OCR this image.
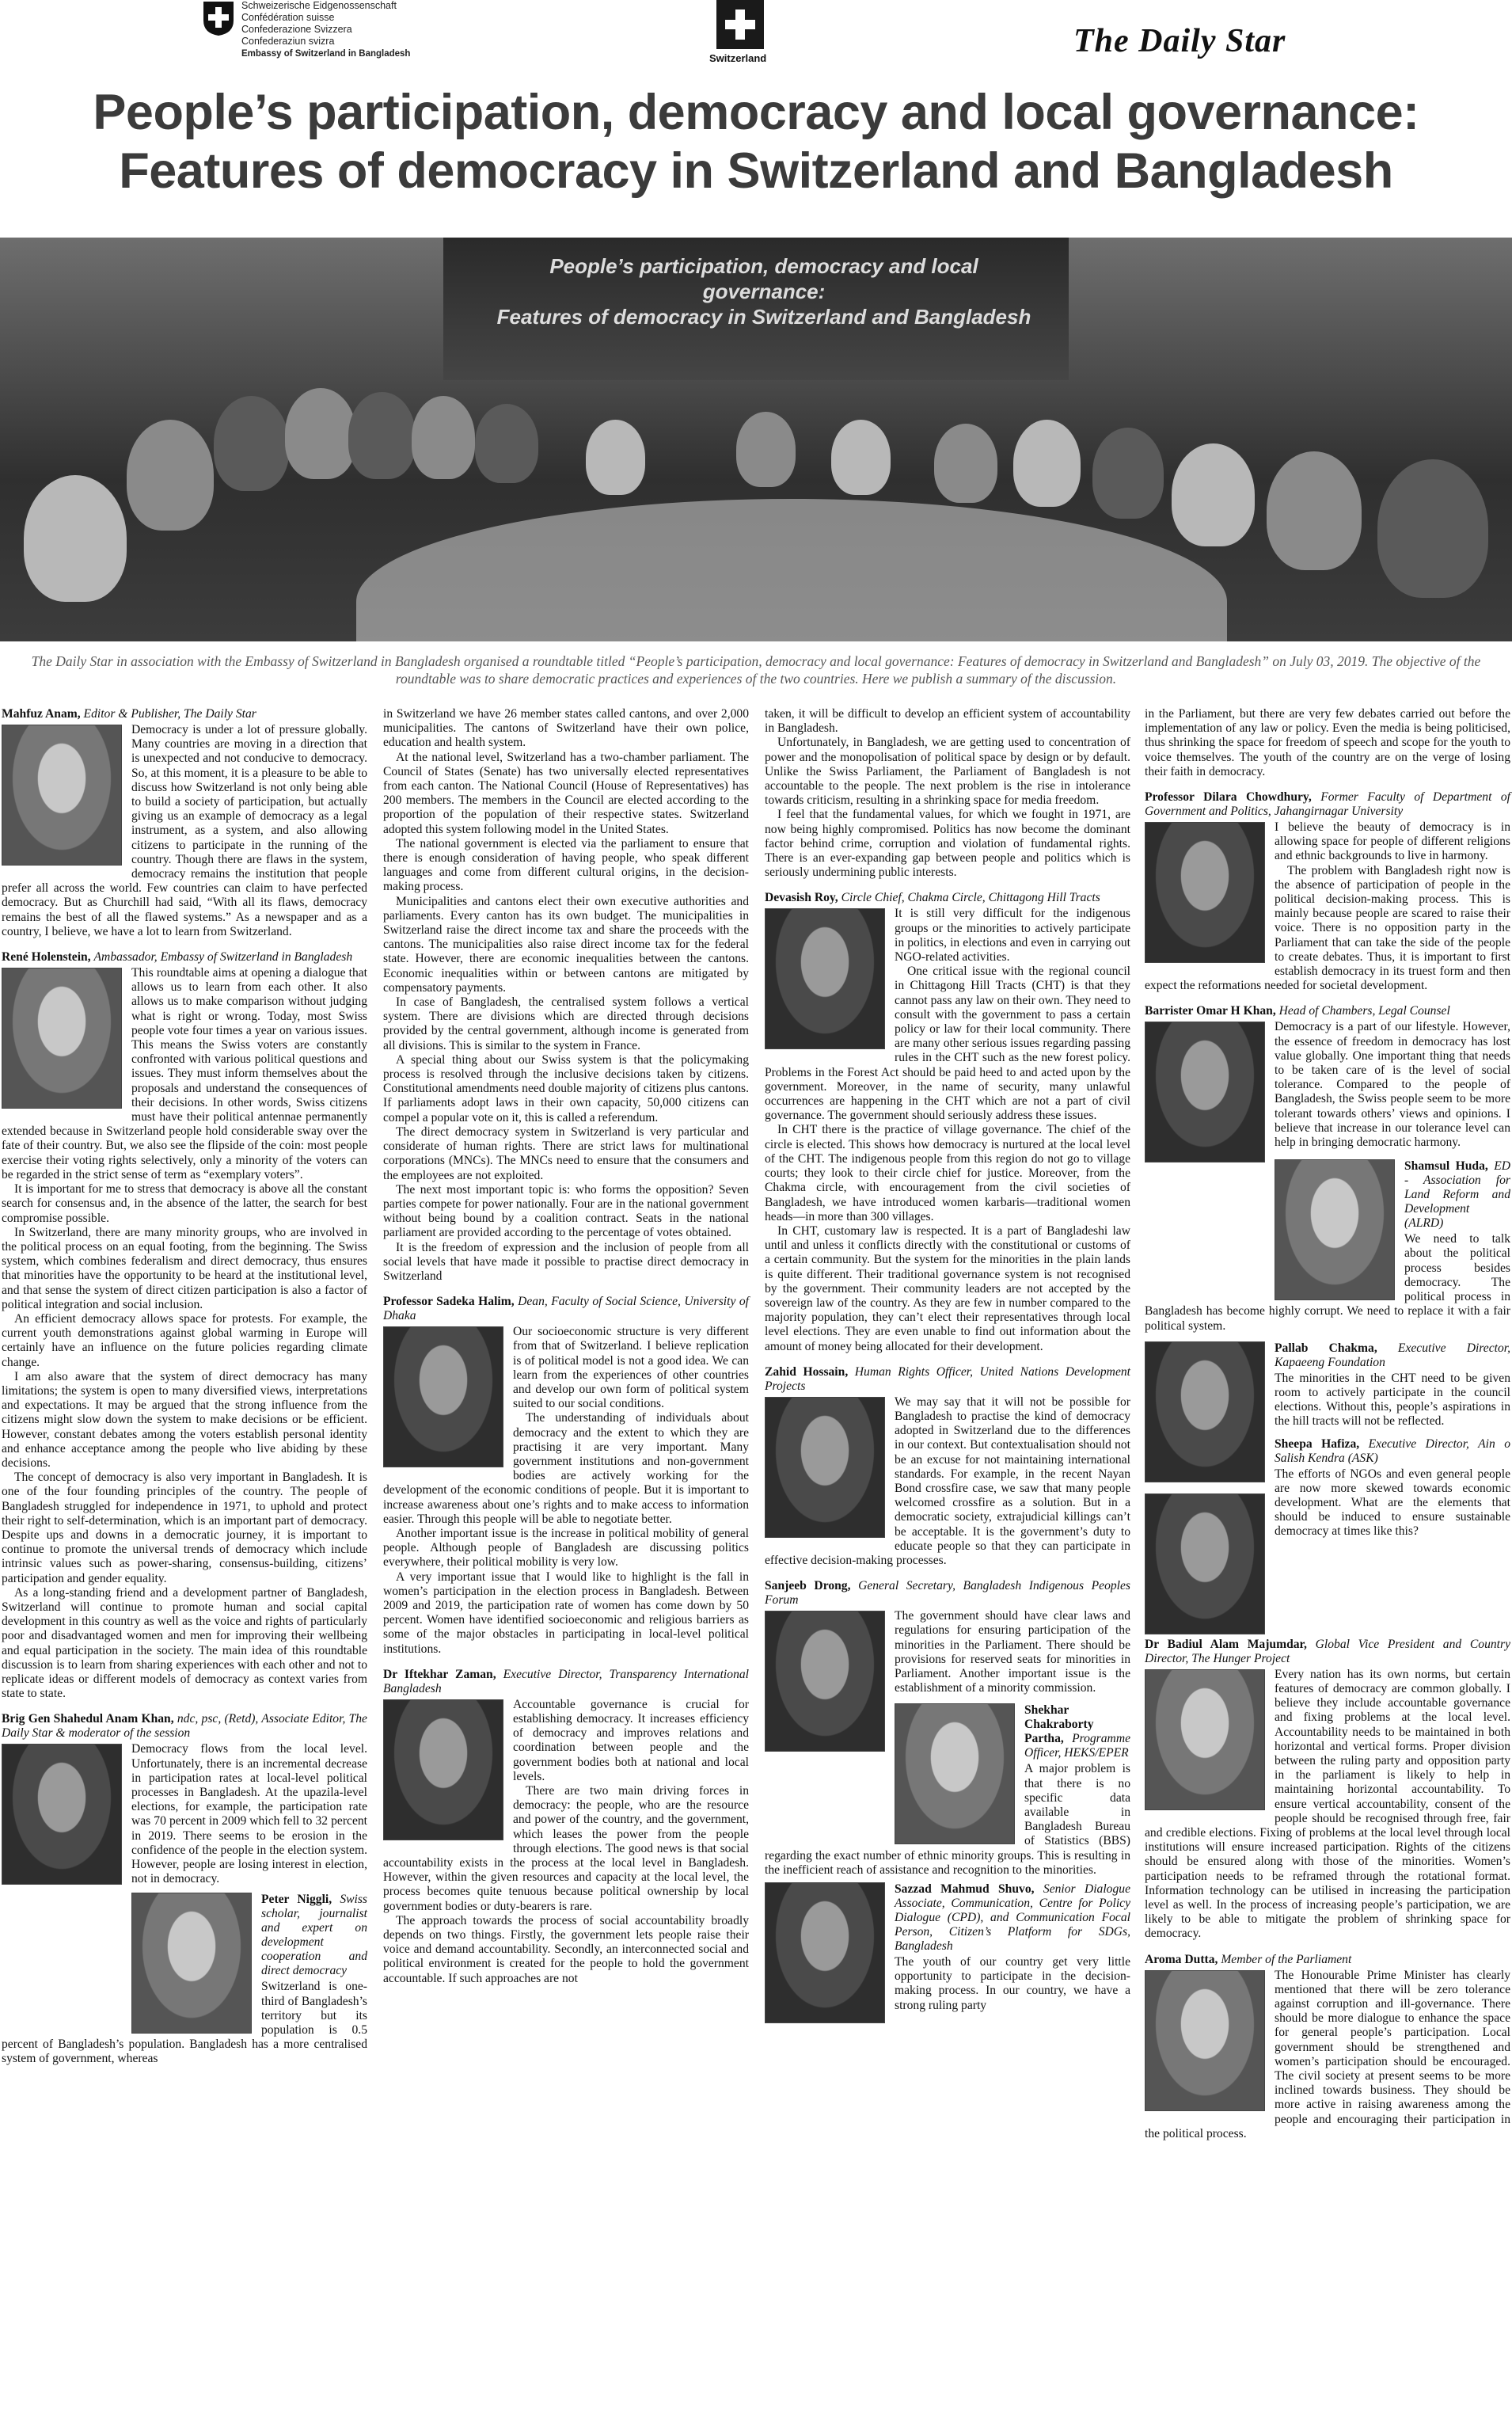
Schweizerische Eidgenossenschaft
Confédération suisse
Confederazione Svizzera
Confederaziun svizra
Embassy of Switzerland in Bangladesh	Switzerland	The Daily Star
People’s participation, democracy and local governance:
Features of democracy in Switzerland and Bangladesh
People’s participation, democracy and local governance:
Features of democracy in Switzerland and Bangladesh
The Daily Star in association with the Embassy of Switzerland in Bangladesh organised a roundtable titled “People’s participation, democracy and local governance: Features of democracy in Switzerland and Bangladesh” on July 03, 2019. The objective of the roundtable was to share democratic practices and experiences of the two countries. Here we publish a summary of the discussion.
Mahfuz Anam, Editor & Publisher, The Daily Star

Democracy is under a lot of pressure globally. Many countries are moving in a direction that is unexpected and not conducive to democracy. So, at this moment, it is a pleasure to be able to discuss how Switzerland is not only being able to build a society of participation, but actually giving us an example of democracy as a legal instrument, as a system, and also allowing citizens to participate in the running of the country. Though there are flaws in the system, democracy remains the institution that people prefer all across the world. Few countries can claim to have perfected democracy. But as Churchill had said, “With all its flaws, democracy remains the best of all the flawed systems.” As a newspaper and as a country, I believe, we have a lot to learn from Switzerland.

René Holenstein, Ambassador, Embassy of Switzerland in Bangladesh

This roundtable aims at opening a dialogue that allows us to learn from each other. It also allows us to make comparison without judging what is right or wrong. Today, most Swiss people vote four times a year on various issues. This means the Swiss voters are constantly confronted with various political questions and issues. They must inform themselves about the proposals and understand the consequences of their decisions. In other words, Swiss citizens must have their political antennae permanently extended because in Switzerland people hold considerable sway over the fate of their country. But, we also see the flipside of the coin: most people exercise their voting rights selectively, only a minority of the voters can be regarded in the strict sense of term as “exemplary voters”.

It is important for me to stress that democracy is above all the constant search for consensus and, in the absence of the latter, the search for best compromise possible.

In Switzerland, there are many minority groups, who are involved in the political process on an equal footing, from the beginning. The Swiss system, which combines federalism and direct democracy, thus ensures that minorities have the opportunity to be heard at the institutional level, and that sense the system of direct citizen participation is also a factor of political integration and social inclusion.

An efficient democracy allows space for protests. For example, the current youth demonstrations against global warming in Europe will certainly have an influence on the future policies regarding climate change.

I am also aware that the system of direct democracy has many limitations; the system is open to many diversified views, interpretations and expectations. It may be argued that the strong influence from the citizens might slow down the system to make decisions or be efficient. However, constant debates among the voters establish personal identity and enhance acceptance among the people who live abiding by these decisions.

The concept of democracy is also very important in Bangladesh. It is one of the four founding principles of the country. The people of Bangladesh struggled for independence in 1971, to uphold and protect their right to self-determination, which is an important part of democracy. Despite ups and downs in a democratic journey, it is important to continue to promote the universal trends of democracy which include intrinsic values such as power-sharing, consensus-building, citizens’ participation and gender equality.

As a long-standing friend and a development partner of Bangladesh, Switzerland will continue to promote human and social capital development in this country as well as the voice and rights of particularly poor and disadvantaged women and men for improving their wellbeing and equal participation in the society. The main idea of this roundtable discussion is to learn from sharing experiences with each other and not to replicate ideas or different models of democracy as context varies from state to state.

Brig Gen Shahedul Anam Khan, ndc, psc, (Retd), Associate Editor, The Daily Star & moderator of the session

Democracy flows from the local level. Unfortunately, there is an incremental decrease in participation rates at local-level political processes in Bangladesh. At the upazila-level elections, for example, the participation rate was 70 percent in 2009 which fell to 32 percent in 2019. There seems to be erosion in the confidence of the people in the election system. However, people are losing interest in election, not in democracy.

Peter Niggli, Swiss scholar, journalist and expert on development cooperation and direct democracy

Switzerland is one-third of Bangladesh’s territory but its population is 0.5 percent of Bangladesh’s population. Bangladesh has a more centralised system of government, whereas

in Switzerland we have 26 member states called cantons, and over 2,000 municipalities. The cantons of Switzerland have their own police, education and health system.

At the national level, Switzerland has a two-chamber parliament. The Council of States (Senate) has two universally elected representatives from each canton. The National Council (House of Representatives) has 200 members. The members in the Council are elected according to the proportion of the population of their respective states. Switzerland adopted this system following model in the United States.

The national government is elected via the parliament to ensure that there is enough consideration of having people, who speak different languages and come from different cultural origins, in the decision-making process.

Municipalities and cantons elect their own executive authorities and parliaments. Every canton has its own budget. The municipalities in Switzerland raise the direct income tax and share the proceeds with the cantons. The municipalities also raise direct income tax for the federal state. However, there are economic inequalities between the cantons. Economic inequalities within or between cantons are mitigated by compensatory payments.

In case of Bangladesh, the centralised system follows a vertical system. There are divisions which are directed through decisions provided by the central government, although income is generated from all divisions. This is similar to the system in France.

A special thing about our Swiss system is that the policymaking process is resolved through the inclusive decisions taken by citizens. Constitutional amendments need double majority of citizens plus cantons. If parliaments adopt laws in their own capacity, 50,000 citizens can compel a popular vote on it, this is called a referendum.

The direct democracy system in Switzerland is very particular and considerate of human rights. There are strict laws for multinational corporations (MNCs). The MNCs need to ensure that the consumers and the employees are not exploited.

The next most important topic is: who forms the opposition? Seven parties compete for power nationally. Four are in the national government without being bound by a coalition contract. Seats in the national parliament are provided according to the percentage of votes obtained.

It is the freedom of expression and the inclusion of people from all social levels that have made it possible to practise direct democracy in Switzerland

Professor Sadeka Halim, Dean, Faculty of Social Science, University of Dhaka

Our socioeconomic structure is very different from that of Switzerland. I believe replication is of political model is not a good idea. We can learn from the experiences of other countries and develop our own form of political system suited to our social conditions.

The understanding of individuals about democracy and the extent to which they are practising it are very important. Many government institutions and non-government bodies are actively working for the development of the economic conditions of people. But it is important to increase awareness about one’s rights and to make access to information easier. Through this people will be able to negotiate better.

Another important issue is the increase in political mobility of general people. Although people of Bangladesh are discussing politics everywhere, their political mobility is very low.

A very important issue that I would like to highlight is the fall in women’s participation in the election process in Bangladesh. Between 2009 and 2019, the participation rate of women has come down by 50 percent. Women have identified socioeconomic and religious barriers as some of the major obstacles in participating in local-level political institutions.

Dr Iftekhar Zaman, Executive Director, Transparency International Bangladesh

Accountable governance is crucial for establishing democracy. It increases efficiency of democracy and improves relations and coordination between people and the government bodies both at national and local levels.

There are two main driving forces in democracy: the people, who are the resource and power of the country, and the government, which leases the power from the people through elections. The good news is that social accountability exists in the process at the local level in Bangladesh. However, within the given resources and capacity at the local level, the process becomes quite tenuous because political ownership by local government bodies or duty-bearers is rare.

The approach towards the process of social accountability broadly depends on two things. Firstly, the government lets people raise their voice and demand accountability. Secondly, an interconnected social and political environment is created for the people to hold the government accountable. If such approaches are not

taken, it will be difficult to develop an efficient system of accountability in Bangladesh.

Unfortunately, in Bangladesh, we are getting used to concentration of power and the monopolisation of political space by design or by default. Unlike the Swiss Parliament, the Parliament of Bangladesh is not accountable to the people. The next problem is the rise in intolerance towards criticism, resulting in a shrinking space for media freedom.

I feel that the fundamental values, for which we fought in 1971, are now being highly compromised. Politics has now become the dominant factor behind crime, corruption and violation of fundamental rights. There is an ever-expanding gap between people and politics which is seriously undermining public interests.

Devasish Roy, Circle Chief, Chakma Circle, Chittagong Hill Tracts

It is still very difficult for the indigenous groups or the minorities to actively participate in politics, in elections and even in carrying out NGO-related activities.

One critical issue with the regional council in Chittagong Hill Tracts (CHT) is that they cannot pass any law on their own. They need to consult with the government to pass a certain policy or law for their local community. There are many other serious issues regarding passing rules in the CHT such as the new forest policy. Problems in the Forest Act should be paid heed to and acted upon by the government. Moreover, in the name of security, many unlawful occurrences are happening in the CHT which are not a part of civil governance. The government should seriously address these issues.

In CHT there is the practice of village governance. The chief of the circle is elected. This shows how democracy is nurtured at the local level of the CHT. The indigenous people from this region do not go to village courts; they look to their circle chief for justice. Moreover, from the Chakma circle, with encouragement from the civil societies of Bangladesh, we have introduced women karbaris—traditional women heads—in more than 300 villages.

In CHT, customary law is respected. It is a part of Bangladeshi law until and unless it conflicts directly with the constitutional or customs of a certain community. But the system for the minorities in the plain lands is quite different. Their traditional governance system is not recognised by the government. Their community leaders are not accepted by the sovereign law of the country. As they are few in number compared to the majority population, they can’t elect their representatives through local level elections. They are even unable to find out information about the amount of money being allocated for their development.

Zahid Hossain, Human Rights Officer, United Nations Development Projects

We may say that it will not be possible for Bangladesh to practise the kind of democracy adopted in Switzerland due to the differences in our context. But contextualisation should not be an excuse for not maintaining international standards. For example, in the recent Nayan Bond crossfire case, we saw that many people welcomed crossfire as a solution. But in a democratic society, extrajudicial killings can’t be acceptable. It is the government’s duty to educate people so that they can participate in effective decision-making processes.

Sanjeeb Drong, General Secretary, Bangladesh Indigenous Peoples Forum

The government should have clear laws and regulations for ensuring participation of the minorities in the Parliament. There should be provisions for reserved seats for minorities in Parliament. Another important issue is the establishment of a minority commission.

Shekhar Chakraborty Partha, Programme Officer, HEKS/EPER

A major problem is that there is no specific data available in Bangladesh Bureau of Statistics (BBS) regarding the exact number of ethnic minority groups. This is resulting in the inefficient reach of assistance and recognition to the minorities.

Sazzad Mahmud Shuvo, Senior Dialogue Associate, Communication, Centre for Policy Dialogue (CPD), and Communication Focal Person, Citizen’s Platform for SDGs, Bangladesh

The youth of our country get very little opportunity to participate in the decision-making process. In our country, we have a strong ruling party

in the Parliament, but there are very few debates carried out before the implementation of any law or policy. Even the media is being politicised, thus shrinking the space for freedom of speech and scope for the youth to voice themselves. The youth of the country are on the verge of losing their faith in democracy.

Professor Dilara Chowdhury, Former Faculty of Department of Government and Politics, Jahangirnagar University

I believe the beauty of democracy is in allowing space for people of different religions and ethnic backgrounds to live in harmony.

The problem with Bangladesh right now is the absence of participation of people in the political decision-making process. This is mainly because people are scared to raise their voice. There is no opposition party in the Parliament that can take the side of the people to create debates. Thus, it is important to first establish democracy in its truest form and then expect the reformations needed for societal development.

Barrister Omar H Khan, Head of Chambers, Legal Counsel

Democracy is a part of our lifestyle. However, the essence of freedom in democracy has lost value globally. One important thing that needs to be taken care of is the level of social tolerance. Compared to the people of Bangladesh, the Swiss people seem to be more tolerant towards others’ views and opinions. I believe that increase in our tolerance level can help in bringing democratic harmony.

Shamsul Huda, ED - Association for Land Reform and Development (ALRD)

We need to talk about the political process besides democracy. The political process in Bangladesh has become highly corrupt. We need to replace it with a fair political system.

Pallab Chakma, Executive Director, Kapaeeng Foundation

The minorities in the CHT need to be given room to actively participate in the council elections. Without this, people’s aspirations in the hill tracts will not be reflected.

Sheepa Hafiza, Executive Director, Ain o Salish Kendra (ASK)

The efforts of NGOs and even general people are now more skewed towards economic development. What are the elements that should be induced to ensure sustainable democracy at times like this?

Dr Badiul Alam Majumdar, Global Vice President and Country Director, The Hunger Project

Every nation has its own norms, but certain features of democracy are common globally. I believe they include accountable governance and fixing problems at the local level. Accountability needs to be maintained in both horizontal and vertical forms. Proper division between the ruling party and opposition party in the parliament is likely to help in maintaining horizontal accountability. To ensure vertical accountability, consent of the people should be recognised through free, fair and credible elections. Fixing of problems at the local level through local institutions will ensure increased participation. Rights of the citizens should be ensured along with those of the minorities. Women’s participation needs to be reframed through the rotational format. Information technology can be utilised in increasing the participation level as well. In the process of increasing people’s participation, we are likely to be able to mitigate the problem of shrinking space for democracy.

Aroma Dutta, Member of the Parliament

The Honourable Prime Minister has clearly mentioned that there will be zero tolerance against corruption and ill-governance. There should be more dialogue to enhance the space for general people’s participation. Local government should be strengthened and women’s participation should be encouraged. The civil society at present seems to be more inclined towards business. They should be more active in raising awareness among the people and encouraging their participation in the political process.
